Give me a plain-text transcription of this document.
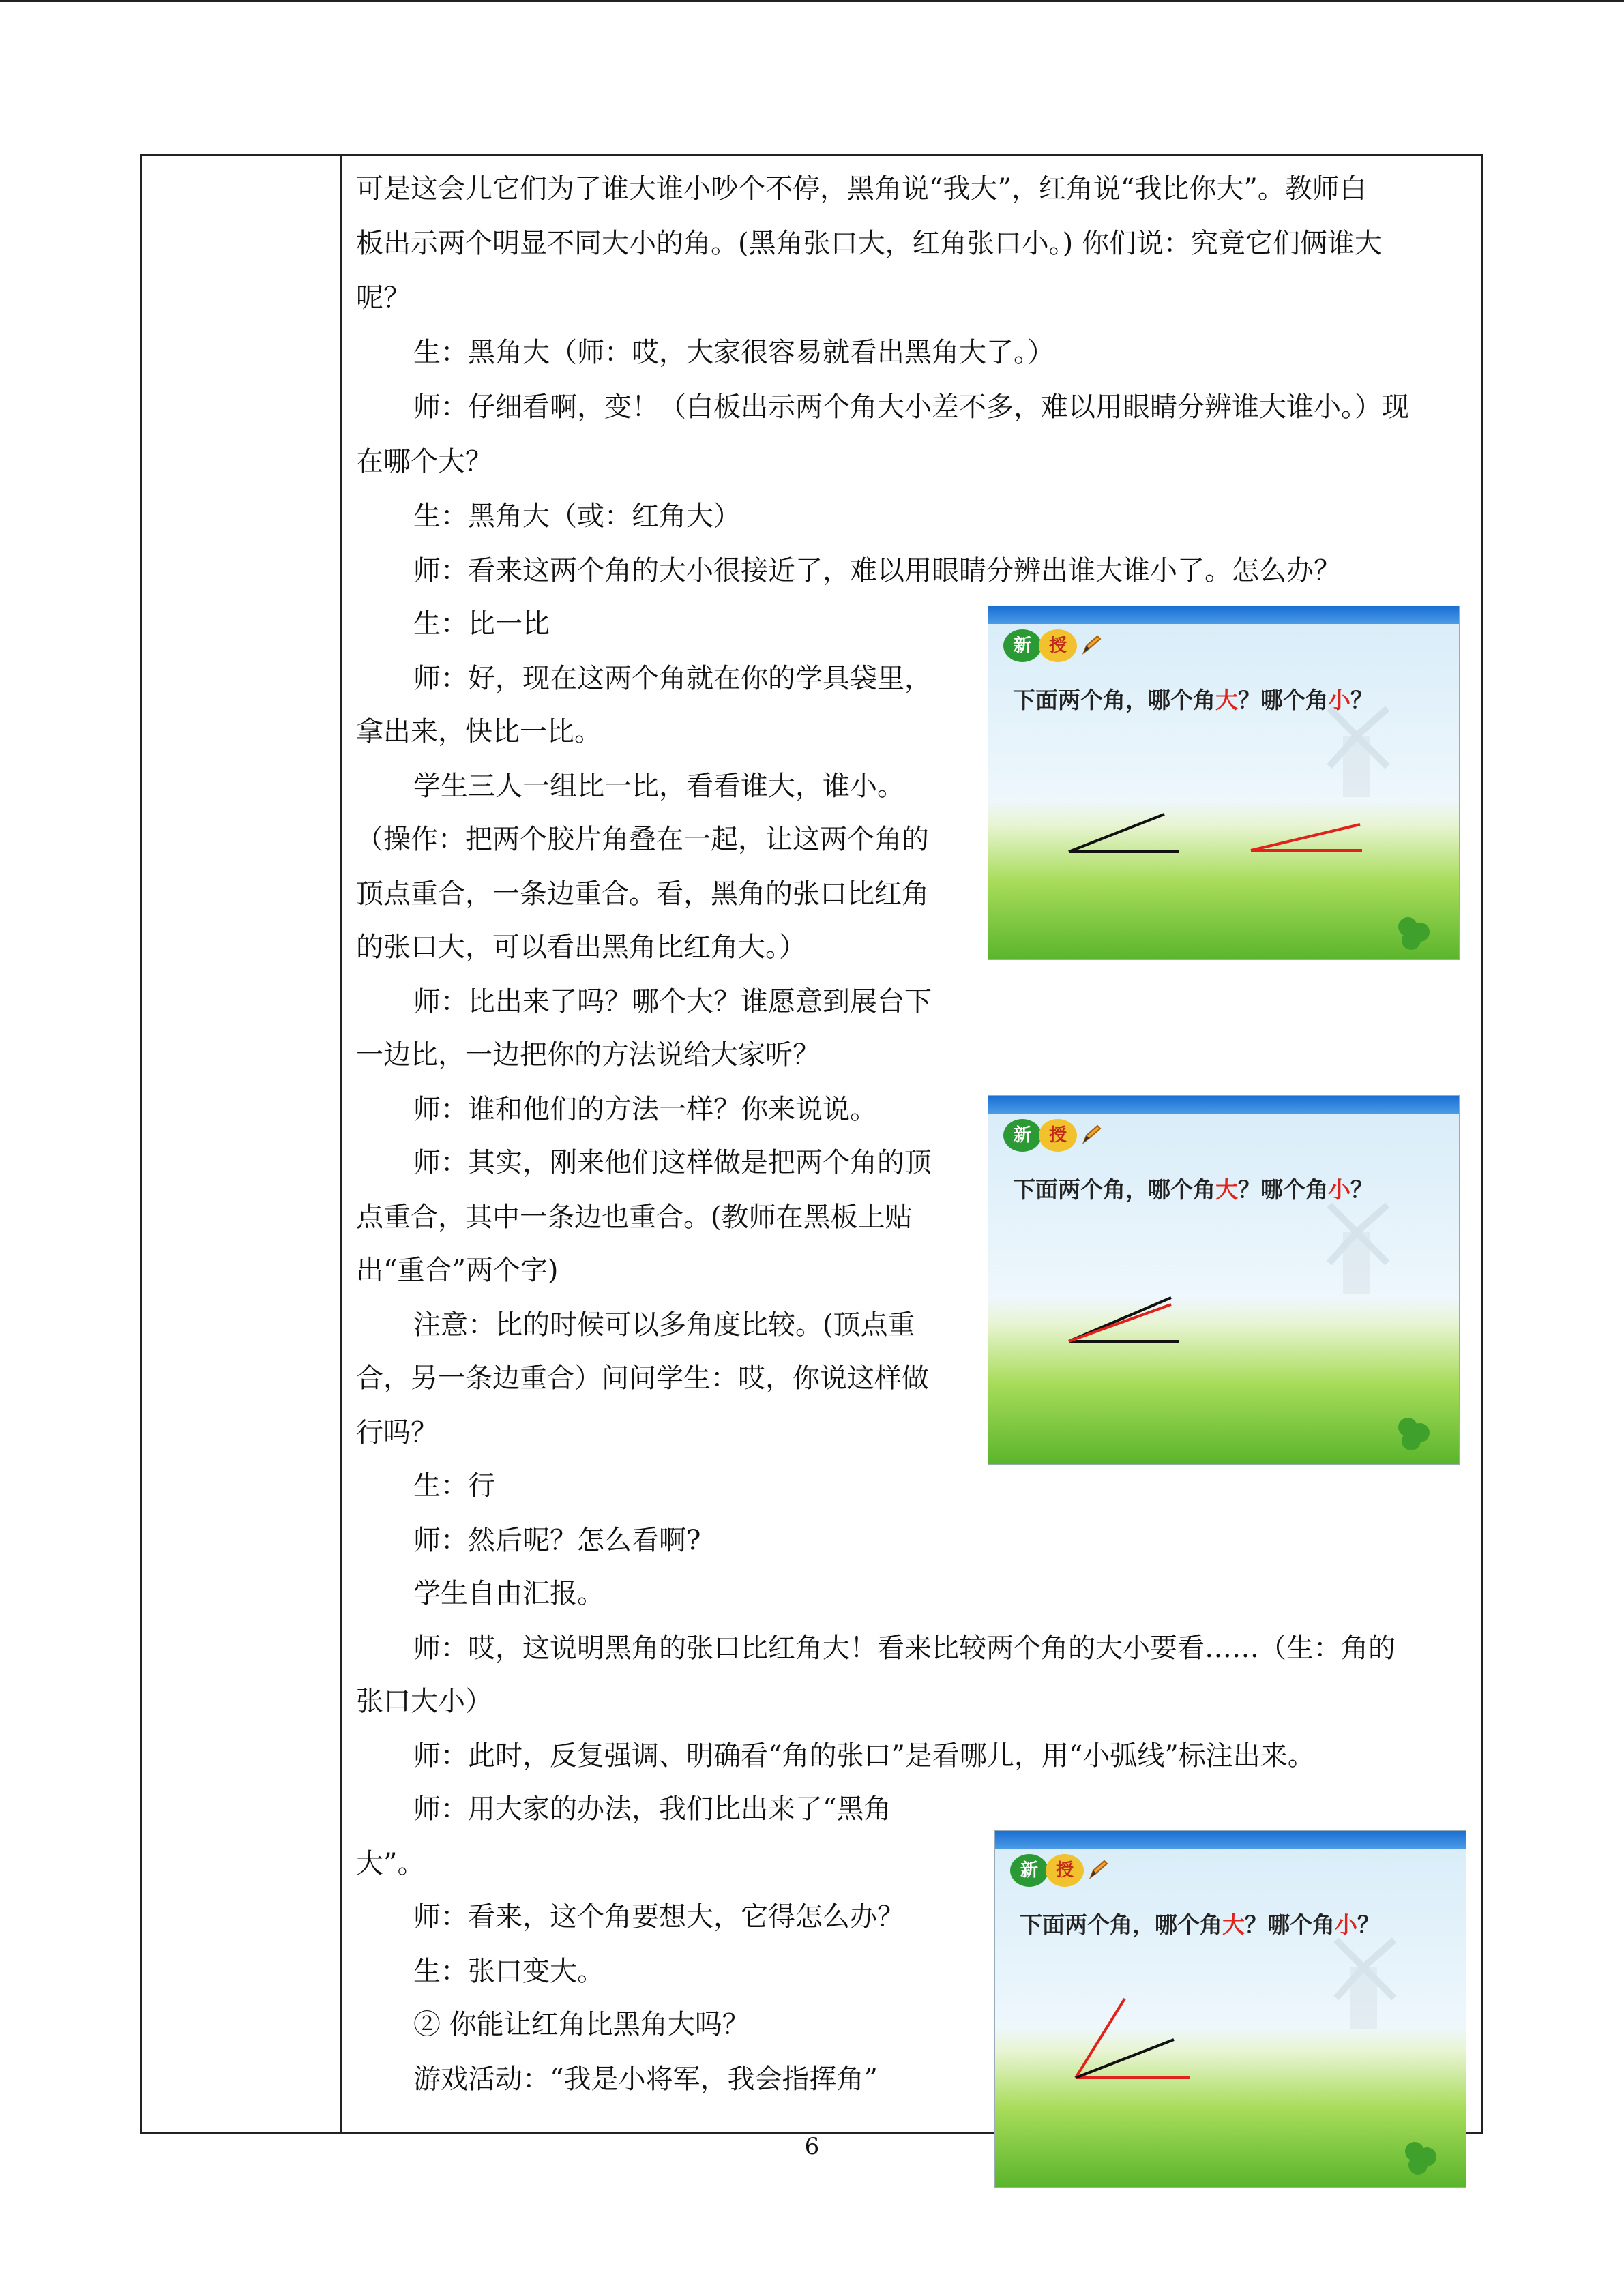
可是这会儿它们为了谁大谁小吵个不停，黑角说“我大”，红角说“我比你大”。教师白

板出示两个明显不同大小的角。(黑角张口大，红角张口小。) 你们说：究竟它们俩谁大

呢？

生：黑角大（师：哎，大家很容易就看出黑角大了。）

师：仔细看啊，变！（白板出示两个角大小差不多，难以用眼睛分辨谁大谁小。）现

在哪个大？

生：黑角大（或：红角大）

师：看来这两个角的大小很接近了，难以用眼睛分辨出谁大谁小了。怎么办？

生：比一比

师：好，现在这两个角就在你的学具袋里，

拿出来，快比一比。

学生三人一组比一比，看看谁大，谁小。

（操作：把两个胶片角叠在一起，让这两个角的

顶点重合，一条边重合。看，黑角的张口比红角

的张口大，可以看出黑角比红角大。）

师：比出来了吗？哪个大？谁愿意到展台下

一边比，一边把你的方法说给大家听？

师：谁和他们的方法一样？你来说说。

师：其实，刚来他们这样做是把两个角的顶

点重合，其中一条边也重合。(教师在黑板上贴

出“重合”两个字)

注意：比的时候可以多角度比较。(顶点重

合，另一条边重合）问问学生：哎，你说这样做

行吗？

生：行

师：然后呢？怎么看啊?

学生自由汇报。

师：哎，这说明黑角的张口比红角大！看来比较两个角的大小要看……（生：角的

张口大小）

师：此时，反复强调、明确看“角的张口”是看哪儿，用“小弧线”标注出来。

师：用大家的办法，我们比出来了“黑角

大”。

师：看来，这个角要想大，它得怎么办？

生：张口变大。

② 你能让红角比黑角大吗？

游戏活动：“我是小将军，我会指挥角”

新 授
下面两个角，哪个角大？哪个角小？
新 授
下面两个角，哪个角大？哪个角小？
新 授
下面两个角，哪个角大？哪个角小？
6
